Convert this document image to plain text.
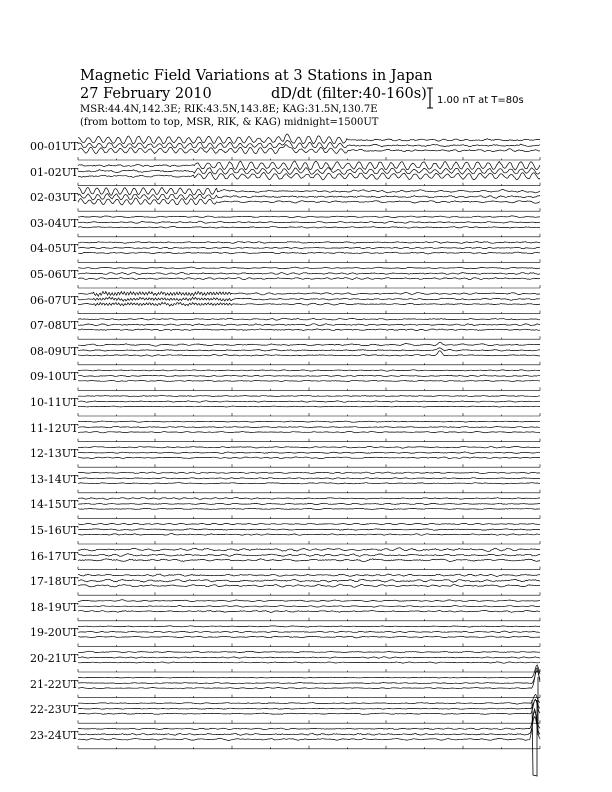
Magnetic Field Variations at 3 Stations in Japan
27 February 2010	dD/dt (filter:40-160s)
MSR:44.4N,142.3E; RIK:43.5N,143.8E; KAG:31.5N,130.7E
(from bottom to top, MSR, RIK, & KAG) midnight=1500UT
1.00 nT at T=80s
00-01UT
01-02UT
02-03UT
03-04UT
04-05UT
05-06UT
06-07UT
07-08UT
08-09UT
09-10UT
10-11UT
11-12UT
12-13UT
13-14UT
14-15UT
15-16UT
16-17UT
17-18UT
18-19UT
19-20UT
20-21UT
21-22UT
22-23UT
23-24UT
